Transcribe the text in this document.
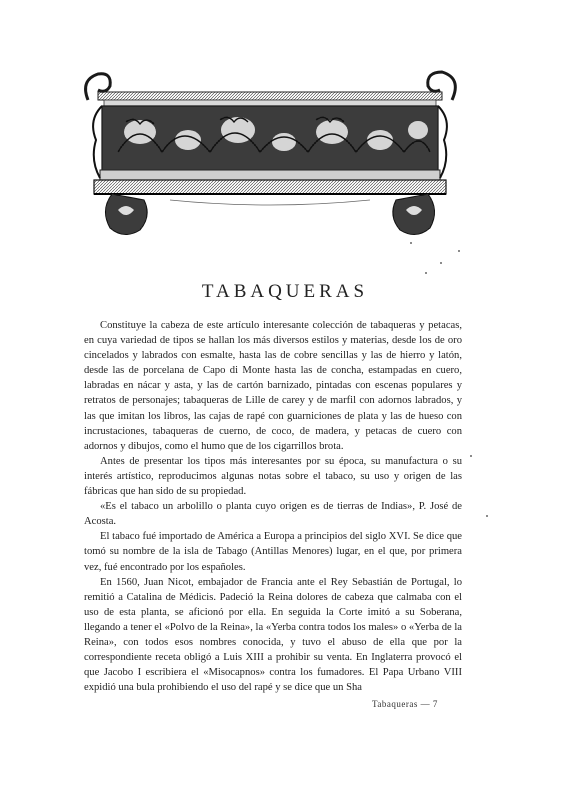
TABAQUERAS

Constituye la cabeza de este artículo interesante colección de tabaqueras y petacas, en cuya variedad de tipos se hallan los más diversos estilos y materias, desde los de oro cincelados y labrados con esmalte, hasta las de cobre sencillas y las de hierro y latón, desde las de porcelana de Capo di Monte hasta las de concha, estampadas en cuero, labradas en nácar y asta, y las de cartón barnizado, pintadas con escenas populares y retratos de personajes; tabaqueras de Lille de carey y de marfil con adornos labrados, y las que imitan los libros, las cajas de rapé con guarniciones de plata y las de hueso con incrustaciones, tabaqueras de cuerno, de coco, de madera, y petacas de cuero con adornos y dibujos, como el humo que de los cigarrillos brota.

Antes de presentar los tipos más interesantes por su época, su manufactura o su interés artístico, reproducimos algunas notas sobre el tabaco, su uso y origen de las fábricas que han sido de su propiedad.

«Es el tabaco un arbolillo o planta cuyo origen es de tierras de Indias», P. José de Acosta.

El tabaco fué importado de América a Europa a principios del siglo XVI. Se dice que tomó su nombre de la isla de Tabago (Antillas Menores) lugar, en el que, por primera vez, fué encontrado por los españoles.

En 1560, Juan Nicot, embajador de Francia ante el Rey Sebastián de Portugal, lo remitió a Catalina de Médicis. Padeció la Reina dolores de cabeza que calmaba con el uso de esta planta, se aficionó por ella. En seguida la Corte imitó a su Soberana, llegando a tener el «Polvo de la Reina», la «Yerba contra todos los males» o «Yerba de la Reina», con todos esos nombres conocida, y tuvo el abuso de ella que por la correspondiente receta obligó a Luis XIII a prohibir su venta. En Inglaterra provocó el que Jacobo I escribiera el «Misocapnos» contra los fumadores. El Papa Urbano VIII expidió una bula prohibiendo el uso del rapé y se dice que un Sha

Tabaqueras — 7
